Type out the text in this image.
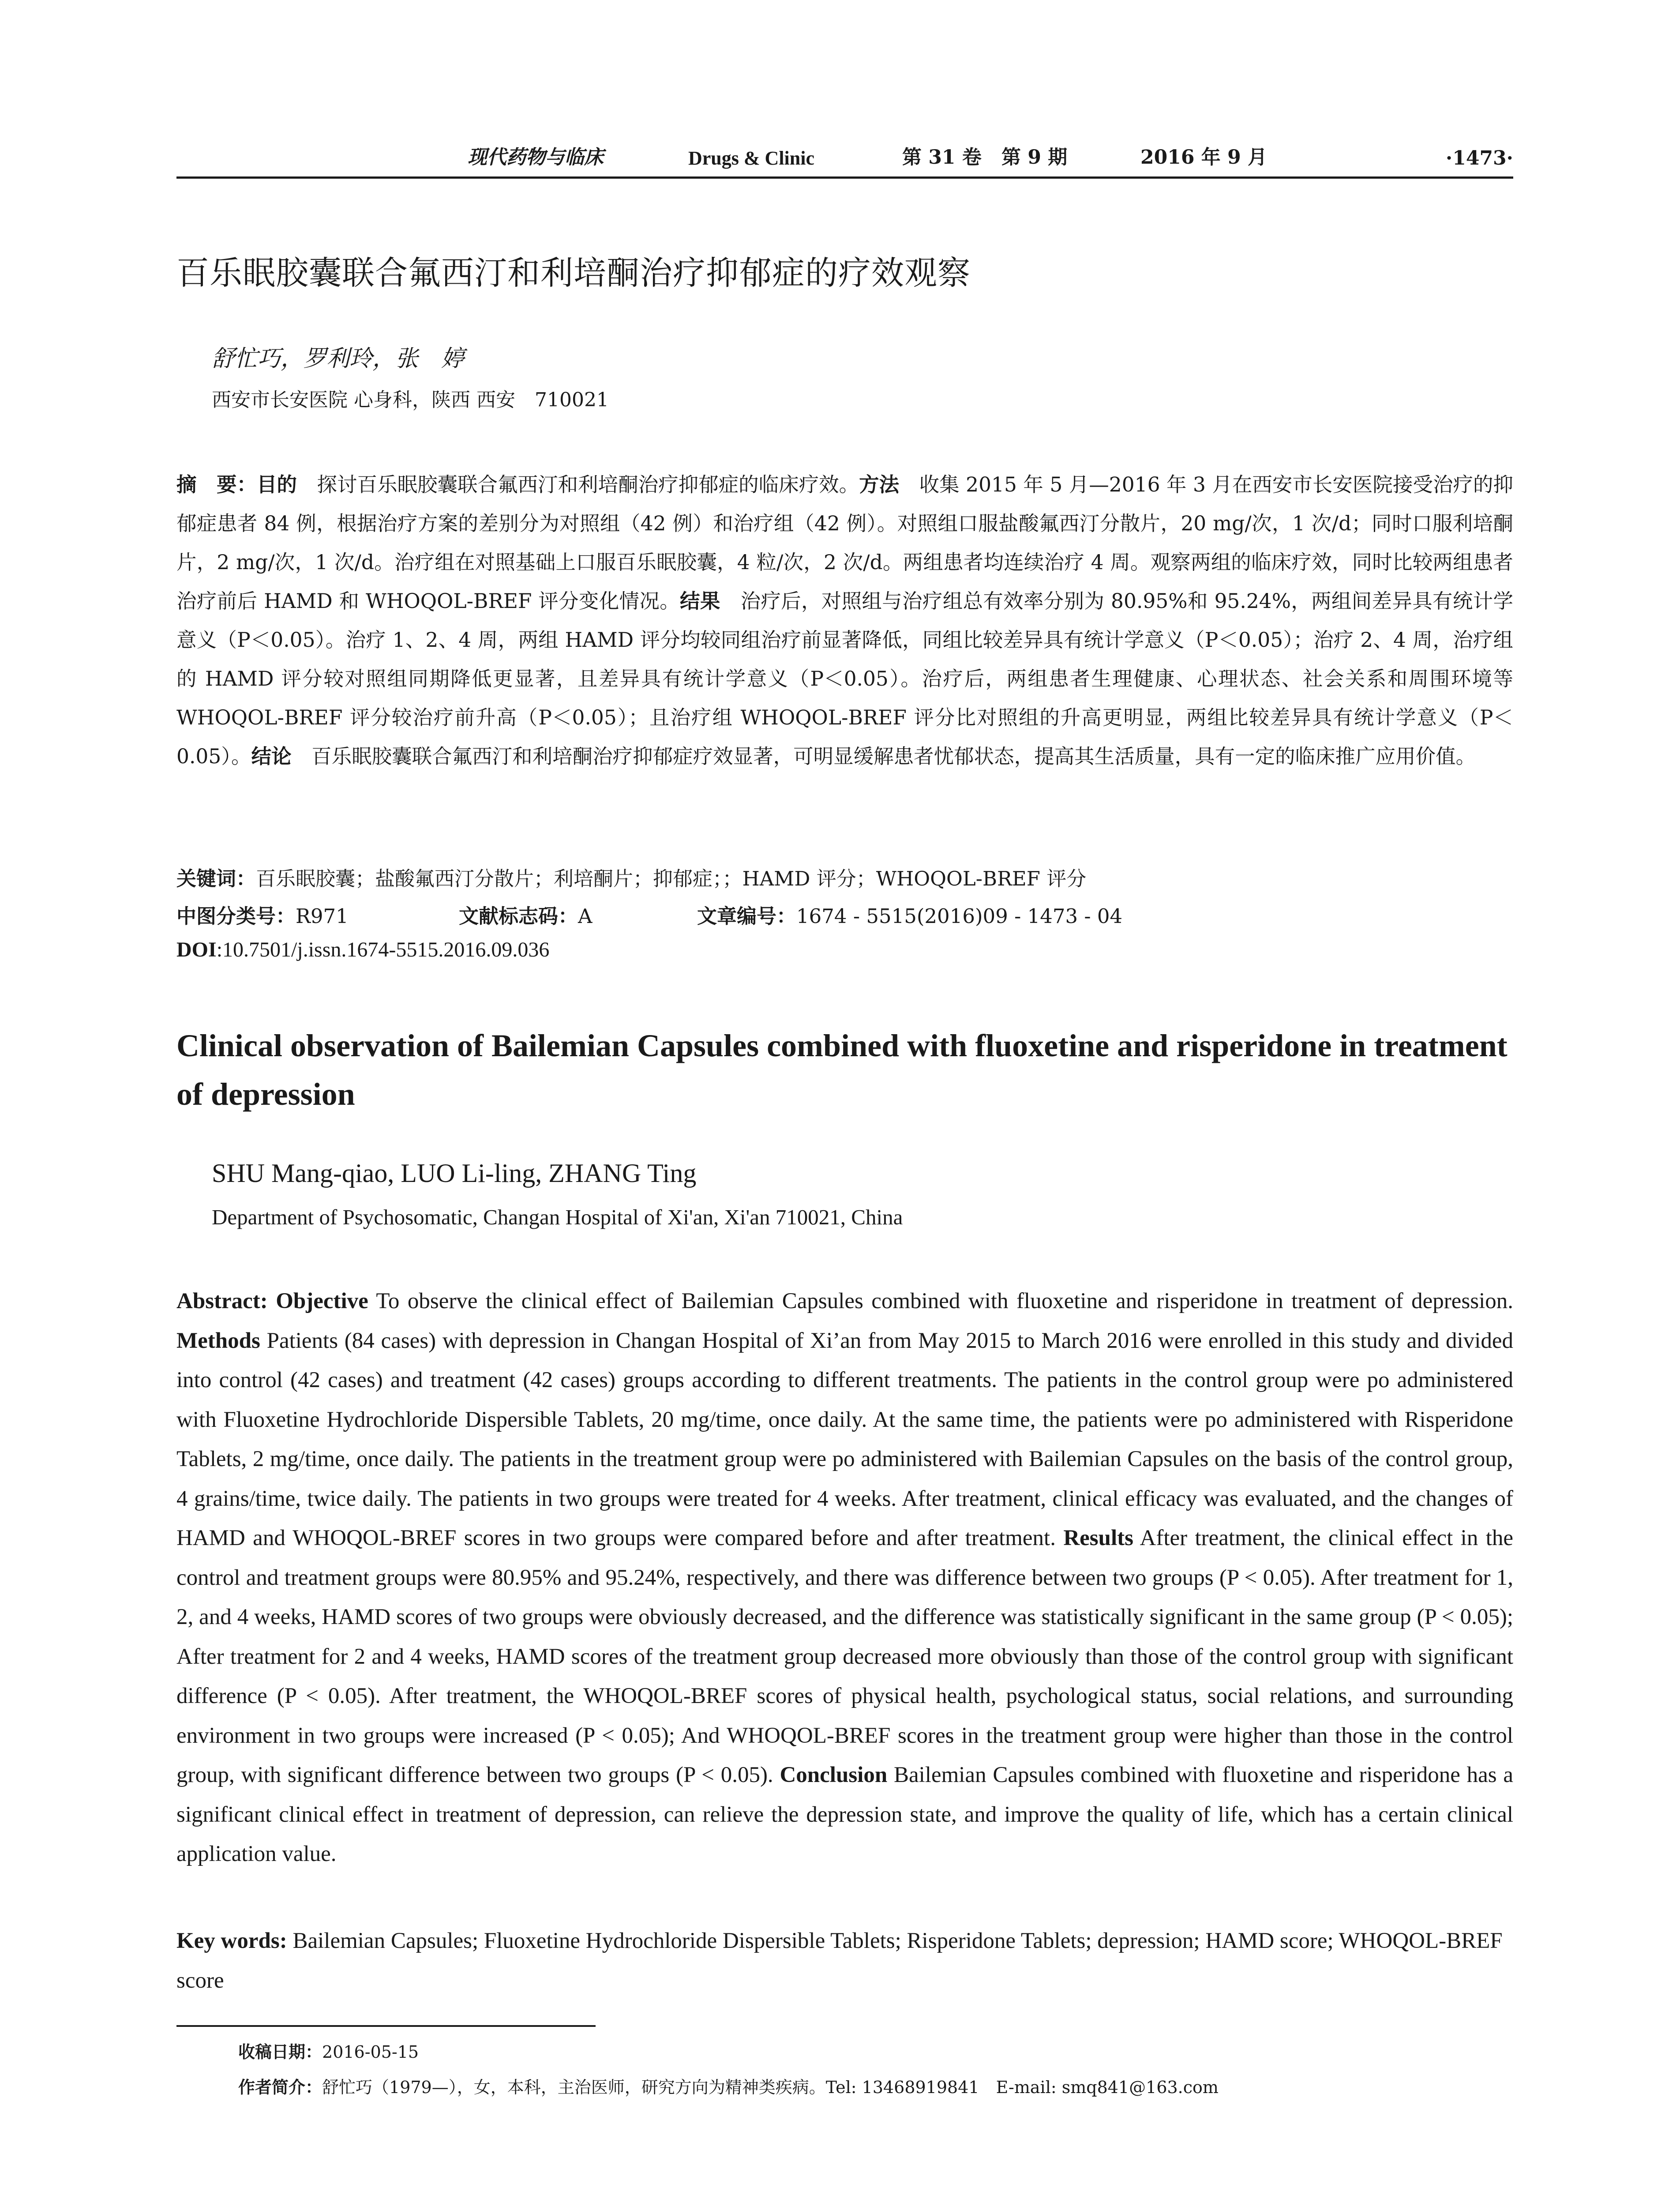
现代药物与临床	Drugs & Clinic	第 31 卷 第 9 期	2016 年 9 月	·1473·
百乐眠胶囊联合氟西汀和利培酮治疗抑郁症的疗效观察
舒忙巧，罗利玲，张　婷
西安市长安医院 心身科，陕西 西安　710021
摘　要：目的　探讨百乐眠胶囊联合氟西汀和利培酮治疗抑郁症的临床疗效。方法　收集 2015 年 5 月—2016 年 3 月在西安市长安医院接受治疗的抑郁症患者 84 例，根据治疗方案的差别分为对照组（42 例）和治疗组（42 例）。对照组口服盐酸氟西汀分散片，20 mg/次，1 次/d；同时口服利培酮片，2 mg/次，1 次/d。治疗组在对照基础上口服百乐眠胶囊，4 粒/次，2 次/d。两组患者均连续治疗 4 周。观察两组的临床疗效，同时比较两组患者治疗前后 HAMD 和 WHOQOL-BREF 评分变化情况。结果　治疗后，对照组与治疗组总有效率分别为 80.95%和 95.24%，两组间差异具有统计学意义（P＜0.05）。治疗 1、2、4 周，两组 HAMD 评分均较同组治疗前显著降低，同组比较差异具有统计学意义（P＜0.05）；治疗 2、4 周，治疗组的 HAMD 评分较对照组同期降低更显著，且差异具有统计学意义（P＜0.05）。治疗后，两组患者生理健康、心理状态、社会关系和周围环境等 WHOQOL-BREF 评分较治疗前升高（P＜0.05）；且治疗组 WHOQOL-BREF 评分比对照组的升高更明显，两组比较差异具有统计学意义（P＜0.05）。结论　百乐眠胶囊联合氟西汀和利培酮治疗抑郁症疗效显著，可明显缓解患者忧郁状态，提高其生活质量，具有一定的临床推广应用价值。
关键词：百乐眠胶囊；盐酸氟西汀分散片；利培酮片；抑郁症；；HAMD 评分；WHOQOL-BREF 评分
中图分类号：R971	文献标志码：A	文章编号：1674 - 5515(2016)09 - 1473 - 04
DOI:10.7501/j.issn.1674-5515.2016.09.036
Clinical observation of Bailemian Capsules combined with fluoxetine and risperidone in treatment of depression
SHU Mang-qiao, LUO Li-ling, ZHANG Ting
Department of Psychosomatic, Changan Hospital of Xi'an, Xi'an 710021, China
Abstract: Objective To observe the clinical effect of Bailemian Capsules combined with fluoxetine and risperidone in treatment of depression. Methods Patients (84 cases) with depression in Changan Hospital of Xi’an from May 2015 to March 2016 were enrolled in this study and divided into control (42 cases) and treatment (42 cases) groups according to different treatments. The patients in the control group were po administered with Fluoxetine Hydrochloride Dispersible Tablets, 20 mg/time, once daily. At the same time, the patients were po administered with Risperidone Tablets, 2 mg/time, once daily. The patients in the treatment group were po administered with Bailemian Capsules on the basis of the control group, 4 grains/time, twice daily. The patients in two groups were treated for 4 weeks. After treatment, clinical efficacy was evaluated, and the changes of HAMD and WHOQOL-BREF scores in two groups were compared before and after treatment. Results After treatment, the clinical effect in the control and treatment groups were 80.95% and 95.24%, respectively, and there was difference between two groups (P < 0.05). After treatment for 1, 2, and 4 weeks, HAMD scores of two groups were obviously decreased, and the difference was statistically significant in the same group (P < 0.05); After treatment for 2 and 4 weeks, HAMD scores of the treatment group decreased more obviously than those of the control group with significant difference (P < 0.05). After treatment, the WHOQOL-BREF scores of physical health, psychological status, social relations, and surrounding environment in two groups were increased (P < 0.05); And WHOQOL-BREF scores in the treatment group were higher than those in the control group, with significant difference between two groups (P < 0.05). Conclusion Bailemian Capsules combined with fluoxetine and risperidone has a significant clinical effect in treatment of depression, can relieve the depression state, and improve the quality of life, which has a certain clinical application value.
Key words: Bailemian Capsules; Fluoxetine Hydrochloride Dispersible Tablets; Risperidone Tablets; depression; HAMD score; WHOQOL-BREF score
收稿日期：2016-05-15
作者简介：舒忙巧（1979—），女，本科，主治医师，研究方向为精神类疾病。Tel: 13468919841　E-mail: smq841@163.com
